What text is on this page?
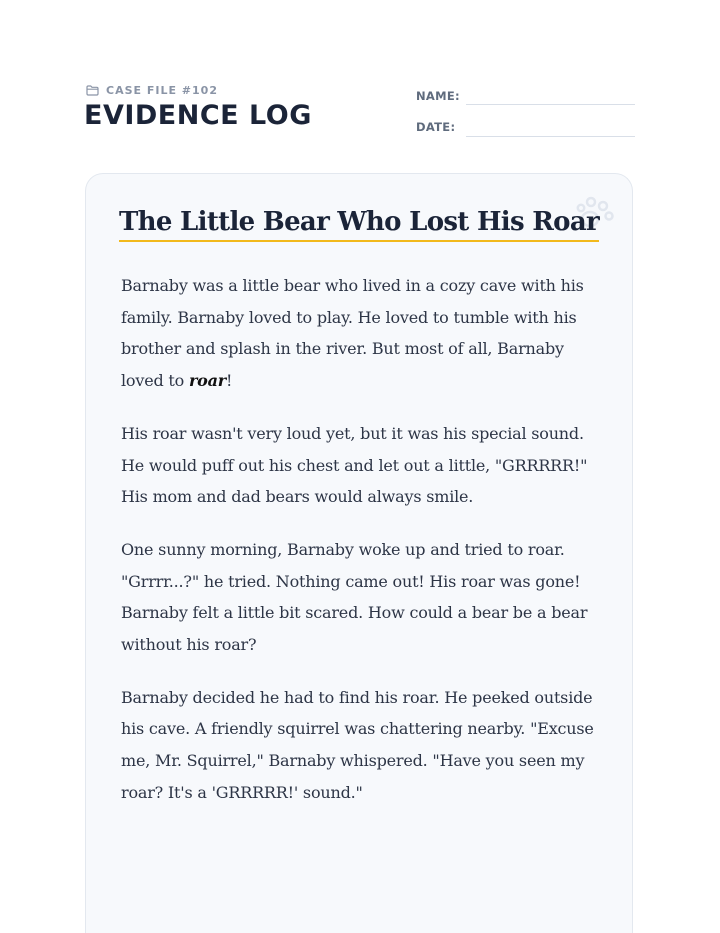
CASE FILE #102
EVIDENCE LOG
NAME:
DATE:
The Little Bear Who Lost His Roar

Barnaby was a little bear who lived in a cozy cave with his family. Barnaby loved to play. He loved to tumble with his brother and splash in the river. But most of all, Barnaby loved to roar!

His roar wasn't very loud yet, but it was his special sound. He would puff out his chest and let out a little, "GRRRRR!" His mom and dad bears would always smile.

One sunny morning, Barnaby woke up and tried to roar. "Grrrr...?" he tried. Nothing came out! His roar was gone! Barnaby felt a little bit scared. How could a bear be a bear without his roar?

Barnaby decided he had to find his roar. He peeked outside his cave. A friendly squirrel was chattering nearby. "Excuse me, Mr. Squirrel," Barnaby whispered. "Have you seen my roar? It's a 'GRRRRR!' sound."
